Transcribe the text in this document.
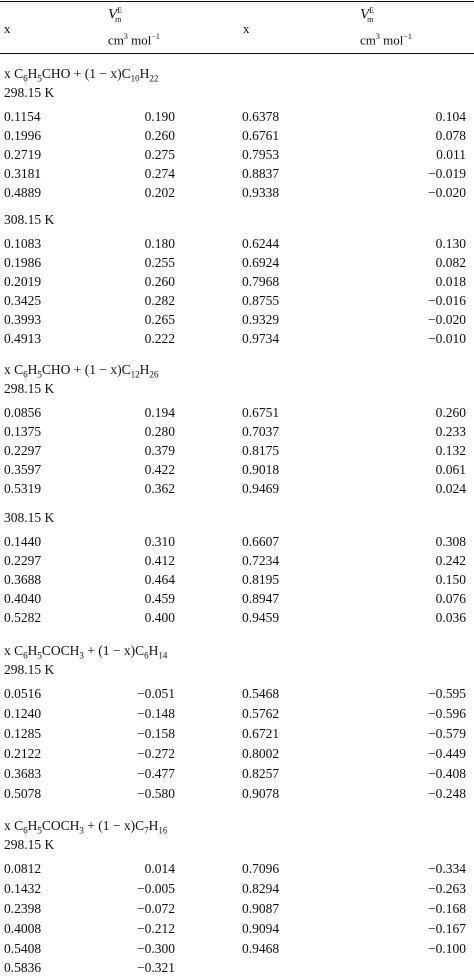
x
$V^E_m$
$cm^3$ mol$^{-1}$
x
$V^E_m$
$cm^3$ mol$^{-1}$
x $C_6H_5CHO + (1 - x)C_{10}H_{22}$
298.15 K
0.1154	0.190	0.6378	0.104
0.1996	0.260	0.6761	0.078
0.2719	0.275	0.7953	0.011
0.3181	0.274	0.8837	−0.019
0.4889	0.202	0.9338	−0.020
308.15 K
0.1083	0.180	0.6244	0.130
0.1986	0.255	0.6924	0.082
0.2019	0.260	0.7968	0.018
0.3425	0.282	0.8755	−0.016
0.3993	0.265	0.9329	−0.020
0.4913	0.222	0.9734	−0.010
x $C_6H_5CHO + (1 - x)C_{12}H_{26}$
298.15 K
0.0856	0.194	0.6751	0.260
0.1375	0.280	0.7037	0.233
0.2297	0.379	0.8175	0.132
0.3597	0.422	0.9018	0.061
0.5319	0.362	0.9469	0.024
308.15 K
0.1440	0.310	0.6607	0.308
0.2297	0.412	0.7234	0.242
0.3688	0.464	0.8195	0.150
0.4040	0.459	0.8947	0.076
0.5282	0.400	0.9459	0.036
x $C_6H_5COCH_3 + (1 - x)C_6H_{14}$
298.15 K
0.0516	−0.051	0.5468	−0.595
0.1240	−0.148	0.5762	−0.596
0.1285	−0.158	0.6721	−0.579
0.2122	−0.272	0.8002	−0.449
0.3683	−0.477	0.8257	−0.408
0.5078	−0.580	0.9078	−0.248
x $C_6H_5COCH_3 + (1 - x)C_7H_{16}$
298.15 K
0.0812	0.014	0.7096	−0.334
0.1432	−0.005	0.8294	−0.263
0.2398	−0.072	0.9087	−0.168
0.4008	−0.212	0.9094	−0.167
0.5408	−0.300	0.9468	−0.100
0.5836	−0.321
